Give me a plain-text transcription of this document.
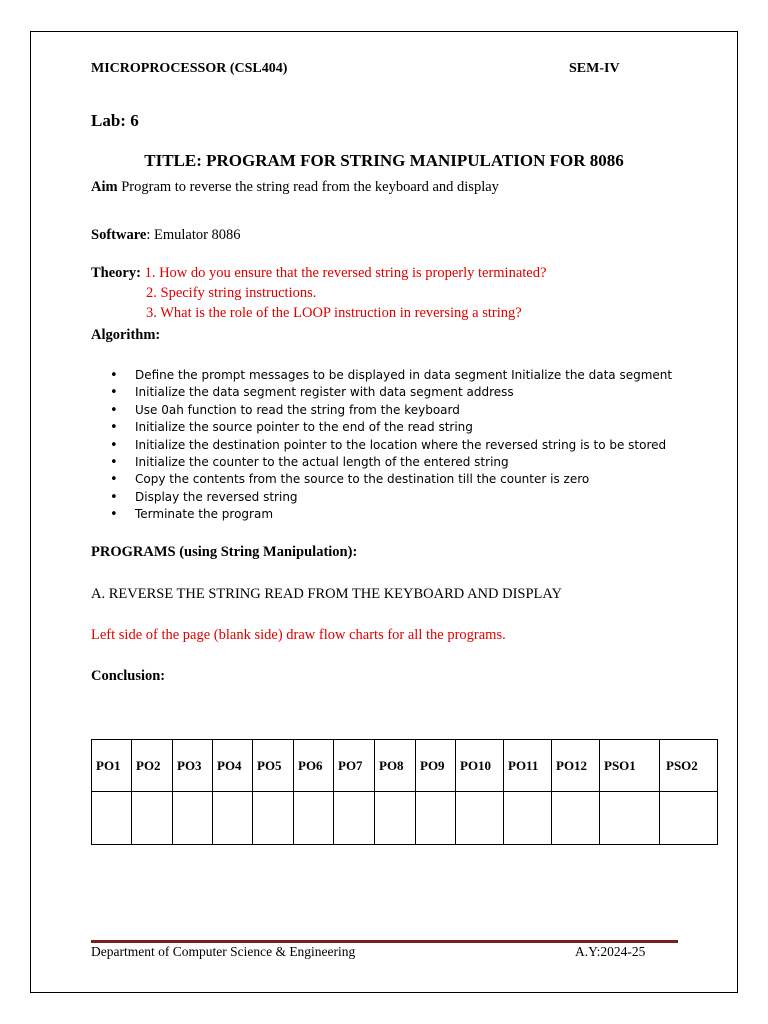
MICROPROCESSOR (CSL404)	SEM-IV
Lab: 6
TITLE: PROGRAM FOR STRING MANIPULATION FOR 8086
Aim Program to reverse the string read from the keyboard and display
Software: Emulator 8086
Theory: 1. How do you ensure that the reversed string is properly terminated?
2. Specify string instructions.
3. What is the role of the LOOP instruction in reversing a string?
Algorithm:
• Define the prompt messages to be displayed in data segment Initialize the data segment
• Initialize the data segment register with data segment address
• Use 0ah function to read the string from the keyboard
• Initialize the source pointer to the end of the read string
• Initialize the destination pointer to the location where the reversed string is to be stored
• Initialize the counter to the actual length of the entered string
• Copy the contents from the source to the destination till the counter is zero
• Display the reversed string
• Terminate the program
PROGRAMS (using String Manipulation):
A. REVERSE THE STRING READ FROM THE KEYBOARD AND DISPLAY
Left side of the page (blank side) draw flow charts for all the programs.
Conclusion:
PO1	PO2	PO3	PO4	PO5	PO6	PO7	PO8	PO9	PO10	PO11	PO12	PSO1	PSO2

Department of Computer Science & Engineering	A.Y:2024-25
